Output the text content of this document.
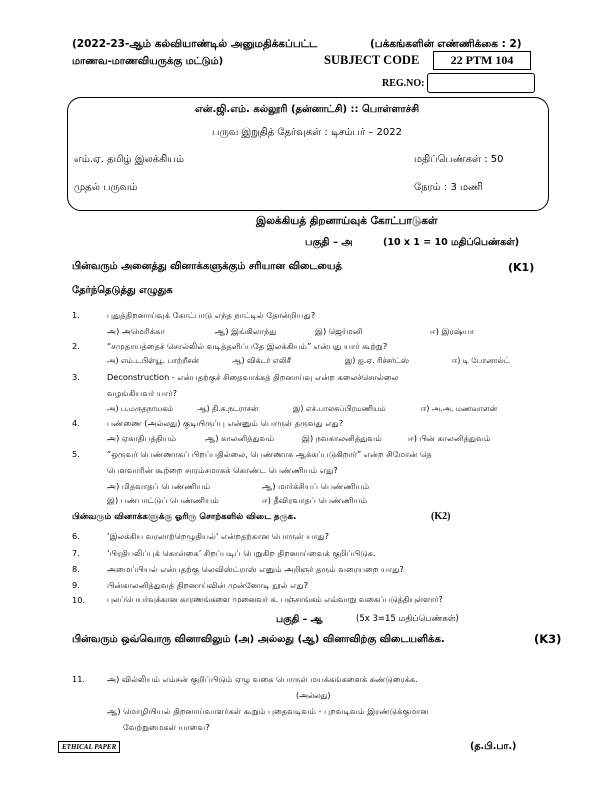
(2022-23-ஆம் கல்வியாண்டில் அனுமதிக்கப்பட்ட	(பக்கங்களின் எண்ணிக்கை : 2)
மாணவ-மாணவியருக்கு மட்டும்)	SUBJECT CODE	22 PTM 104
REG.NO:
என்.ஜி.எம். கல்லூரி (தன்னாட்சி) :: பொள்ளாச்சி
பருவ இறுதித் தேர்வுகள் : டிசம்பர் – 2022
எம்.ஏ. தமிழ் இலக்கியம்	மதிப்பெண்கள் : 50
முதல் பருவம்	நேரம் : 3 மணி
இலக்கியத் திறனாய்வுக் கோட்பாடுகள்
பகுதி – அ	(10 x 1 = 10 மதிப்பெண்கள்)
பின்வரும் அனைத்து வினாக்களுக்கும் சரியான விடையைத்	(K1)
தேர்ந்தெடுத்து எழுதுக
1.	புதுத்திறனாய்வுக் கோட்பாடு எந்த நாட்டில் தோன்றியது?
அ) அமெரிக்கா	ஆ) இங்கிலாந்து	இ) ஜெர்மனி	ஈ) இரஷ்யா
2.	“சமுதாயத்தைச் சொல்லில் வடித்தளிப்பதே இலக்கியம்” என்பது யார் கூற்று?
அ) எம்.டபிள்யூ. பாற்றீசன்	ஆ) விக்டர் எலிசீ	இ) ஐ.ஏ. ரிச்சர்ட்ஸ்	ஈ) டி போனால்ட்
3.	Deconstruction - என்பதற்குச் சிதைவாக்கத் திறனாய்வு என்ற கலைச்சொல்லை
வழங்கியவர் யார்?
அ) ப.மருதநாயகம்	ஆ) தி.சு.நடராசன்	இ) எச்.பாலசுப்பிரமணியம்	ஈ) அ.அ. மணவாளன்
4.	பண்ணை (அல்லது) குடியிருப்பு என்னும் பொருள் தருவது எது?
அ) ஏகாதிபத்தியம்	ஆ) காலனித்துவம்	இ) நவகாலனித்துவம்	ஈ) பின் காலனித்துவம்
5.	“ஒருவர் பெண்ணாகப் பிறப்பதில்லை, பெண்ணாக ஆக்கப்படுகிறார்” என்ற சிமோன் தெ
பௌவாரின் கூற்றை சாரம்சமாகக் கொண்ட பெண்ணியம் எது?
அ) மிதவாதப் பெண்ணியம்	ஆ) மார்க்சியப் பெண்ணியம்
இ) பண்பாட்டுப் பெண்ணியம்	ஈ) தீவிரவாதப் பெண்ணியம்
பின்வரும் வினாக்களுக்கு ஓரிரு சொற்களில் விடை தருக.	(K2)
6.	‘இலக்கிய வரலாற்றெழுதியல்’ என்றதற்கான பொருள் யாது?
7.	‘பிரதிபலிப்புக் கொள்கை’ சிறப்படிப் பெறுகிற திறனாய்வைக் குறிப்பிடுக.
8.	அமைப்பியல் என்பதற்கு லெவிஸ்ட்ராஸ் எனும் அறிஞர் தரும் வரையறை யாது?
9.	பின்காலனித்துவத் திறனாய்வின் முன்னோடி நூல் எது?
10.	புலப்பெயர்வுக்கான காரணங்களை முனைவர் க. பஞ்சாங்கம் எவ்வாறு வகைப்படுத்தியுள்ளார்?
பகுதி – ஆ	(5x 3=15 மதிப்பெண்கள்)
பின்வரும் ஒவ்வொரு வினாவிலும் (அ) அல்லது (ஆ) வினாவிற்கு விடையளிக்க.	(K3)
11.	அ) வில்லியம் எம்சன் குறிப்பிடும் ஏழு வகை பொருள் மயக்கங்களைக் கண்டுரைக்க.
(அல்லது)
ஆ) மொழியியல் திறனாய்வாளர்கள் கூறும் புதைவடிவம் - புறவடிவம் இரண்டுக்குமான
வேற்றுமைகள் யாவை?
ETHICAL PAPER	(த.பி.பா.)
